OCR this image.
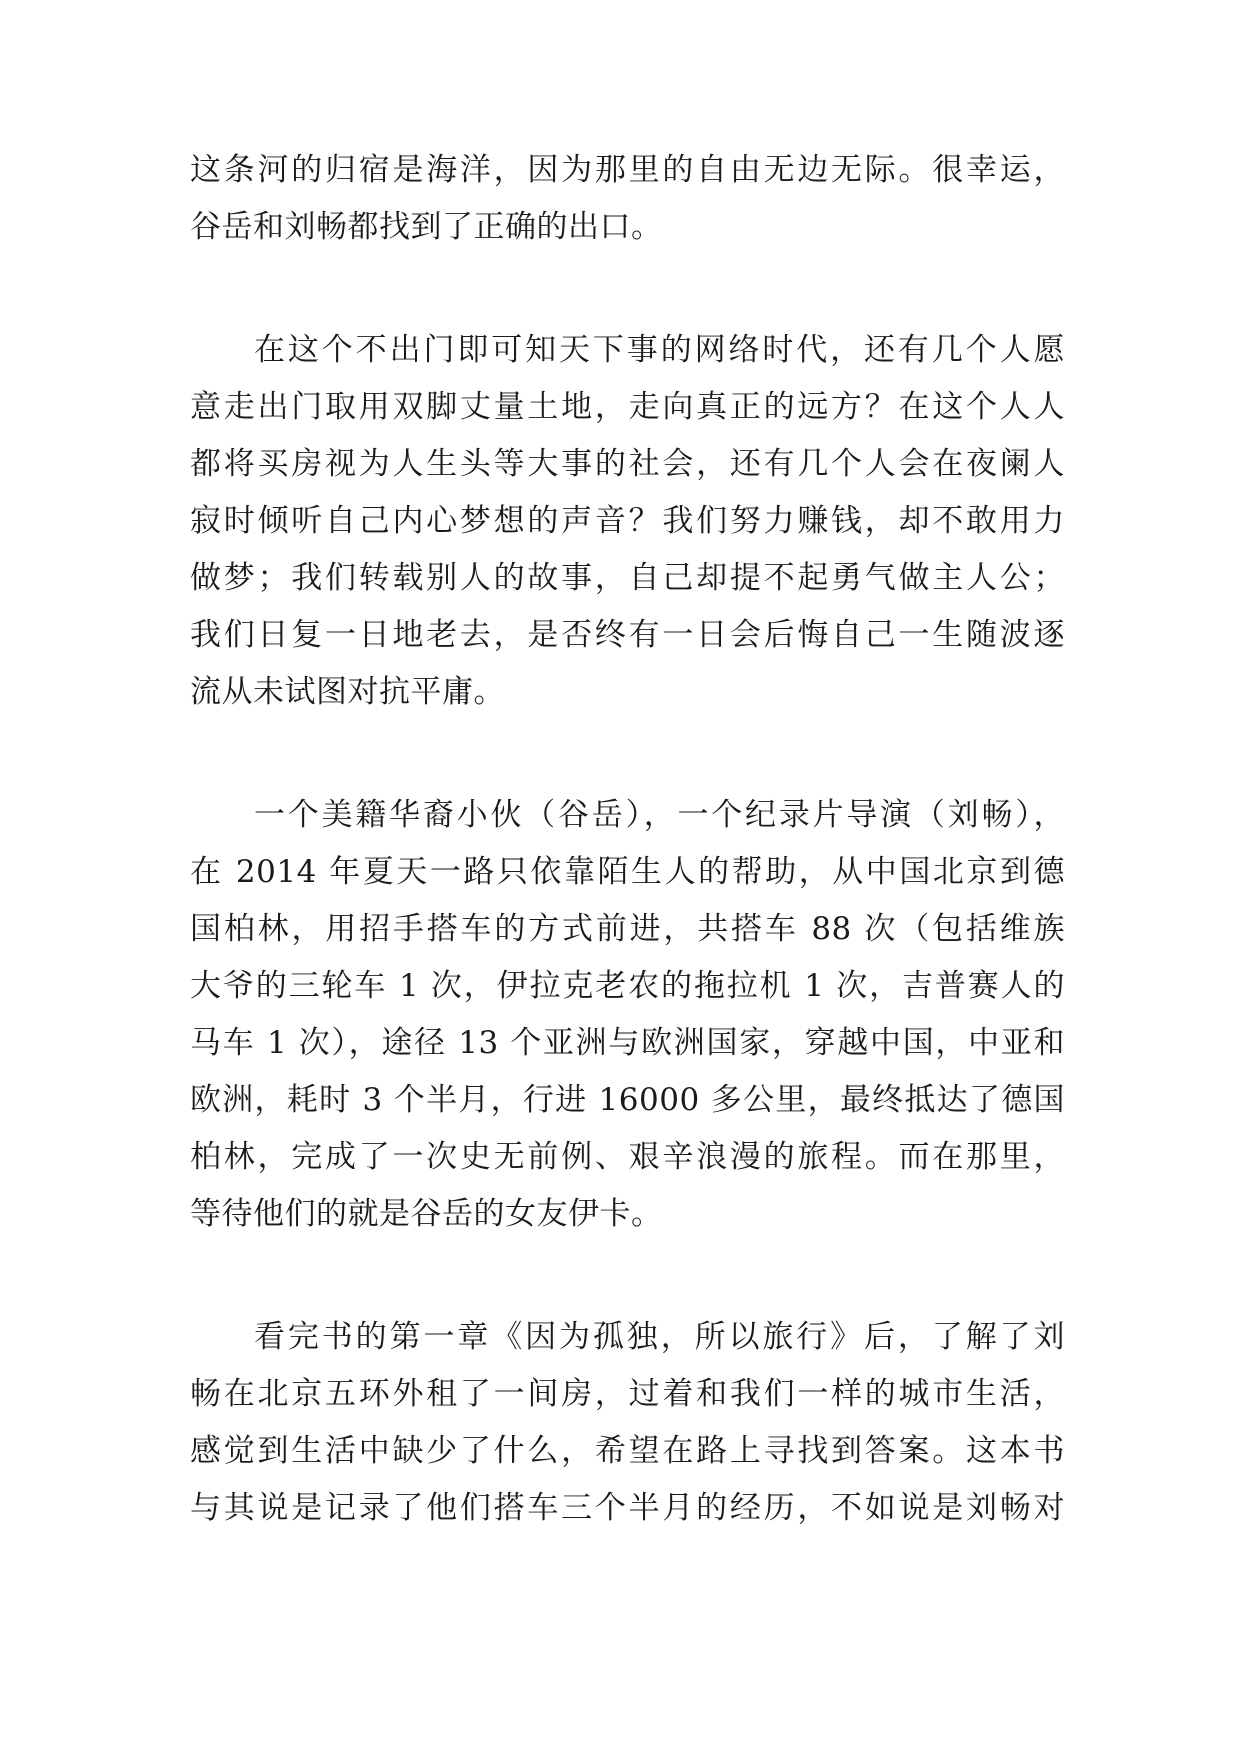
这条河的归宿是海洋，因为那里的自由无边无际。很幸运，
谷岳和刘畅都找到了正确的出口。
在这个不出门即可知天下事的网络时代，还有几个人愿
意走出门取用双脚丈量土地，走向真正的远方？在这个人人
都将买房视为人生头等大事的社会，还有几个人会在夜阑人
寂时倾听自己内心梦想的声音？我们努力赚钱，却不敢用力
做梦；我们转载别人的故事，自己却提不起勇气做主人公；
我们日复一日地老去，是否终有一日会后悔自己一生随波逐
流从未试图对抗平庸。
一个美籍华裔小伙（谷岳），一个纪录片导演（刘畅），
在 2014 年夏天一路只依靠陌生人的帮助，从中国北京到德
国柏林，用招手搭车的方式前进，共搭车 88 次（包括维族
大爷的三轮车 1 次，伊拉克老农的拖拉机 1 次，吉普赛人的
马车 1 次），途径 13 个亚洲与欧洲国家，穿越中国，中亚和
欧洲，耗时 3 个半月，行进 16000 多公里，最终抵达了德国
柏林，完成了一次史无前例、艰辛浪漫的旅程。而在那里，
等待他们的就是谷岳的女友伊卡。
看完书的第一章《因为孤独，所以旅行》后，了解了刘
畅在北京五环外租了一间房，过着和我们一样的城市生活，
感觉到生活中缺少了什么，希望在路上寻找到答案。这本书
与其说是记录了他们搭车三个半月的经历，不如说是刘畅对
